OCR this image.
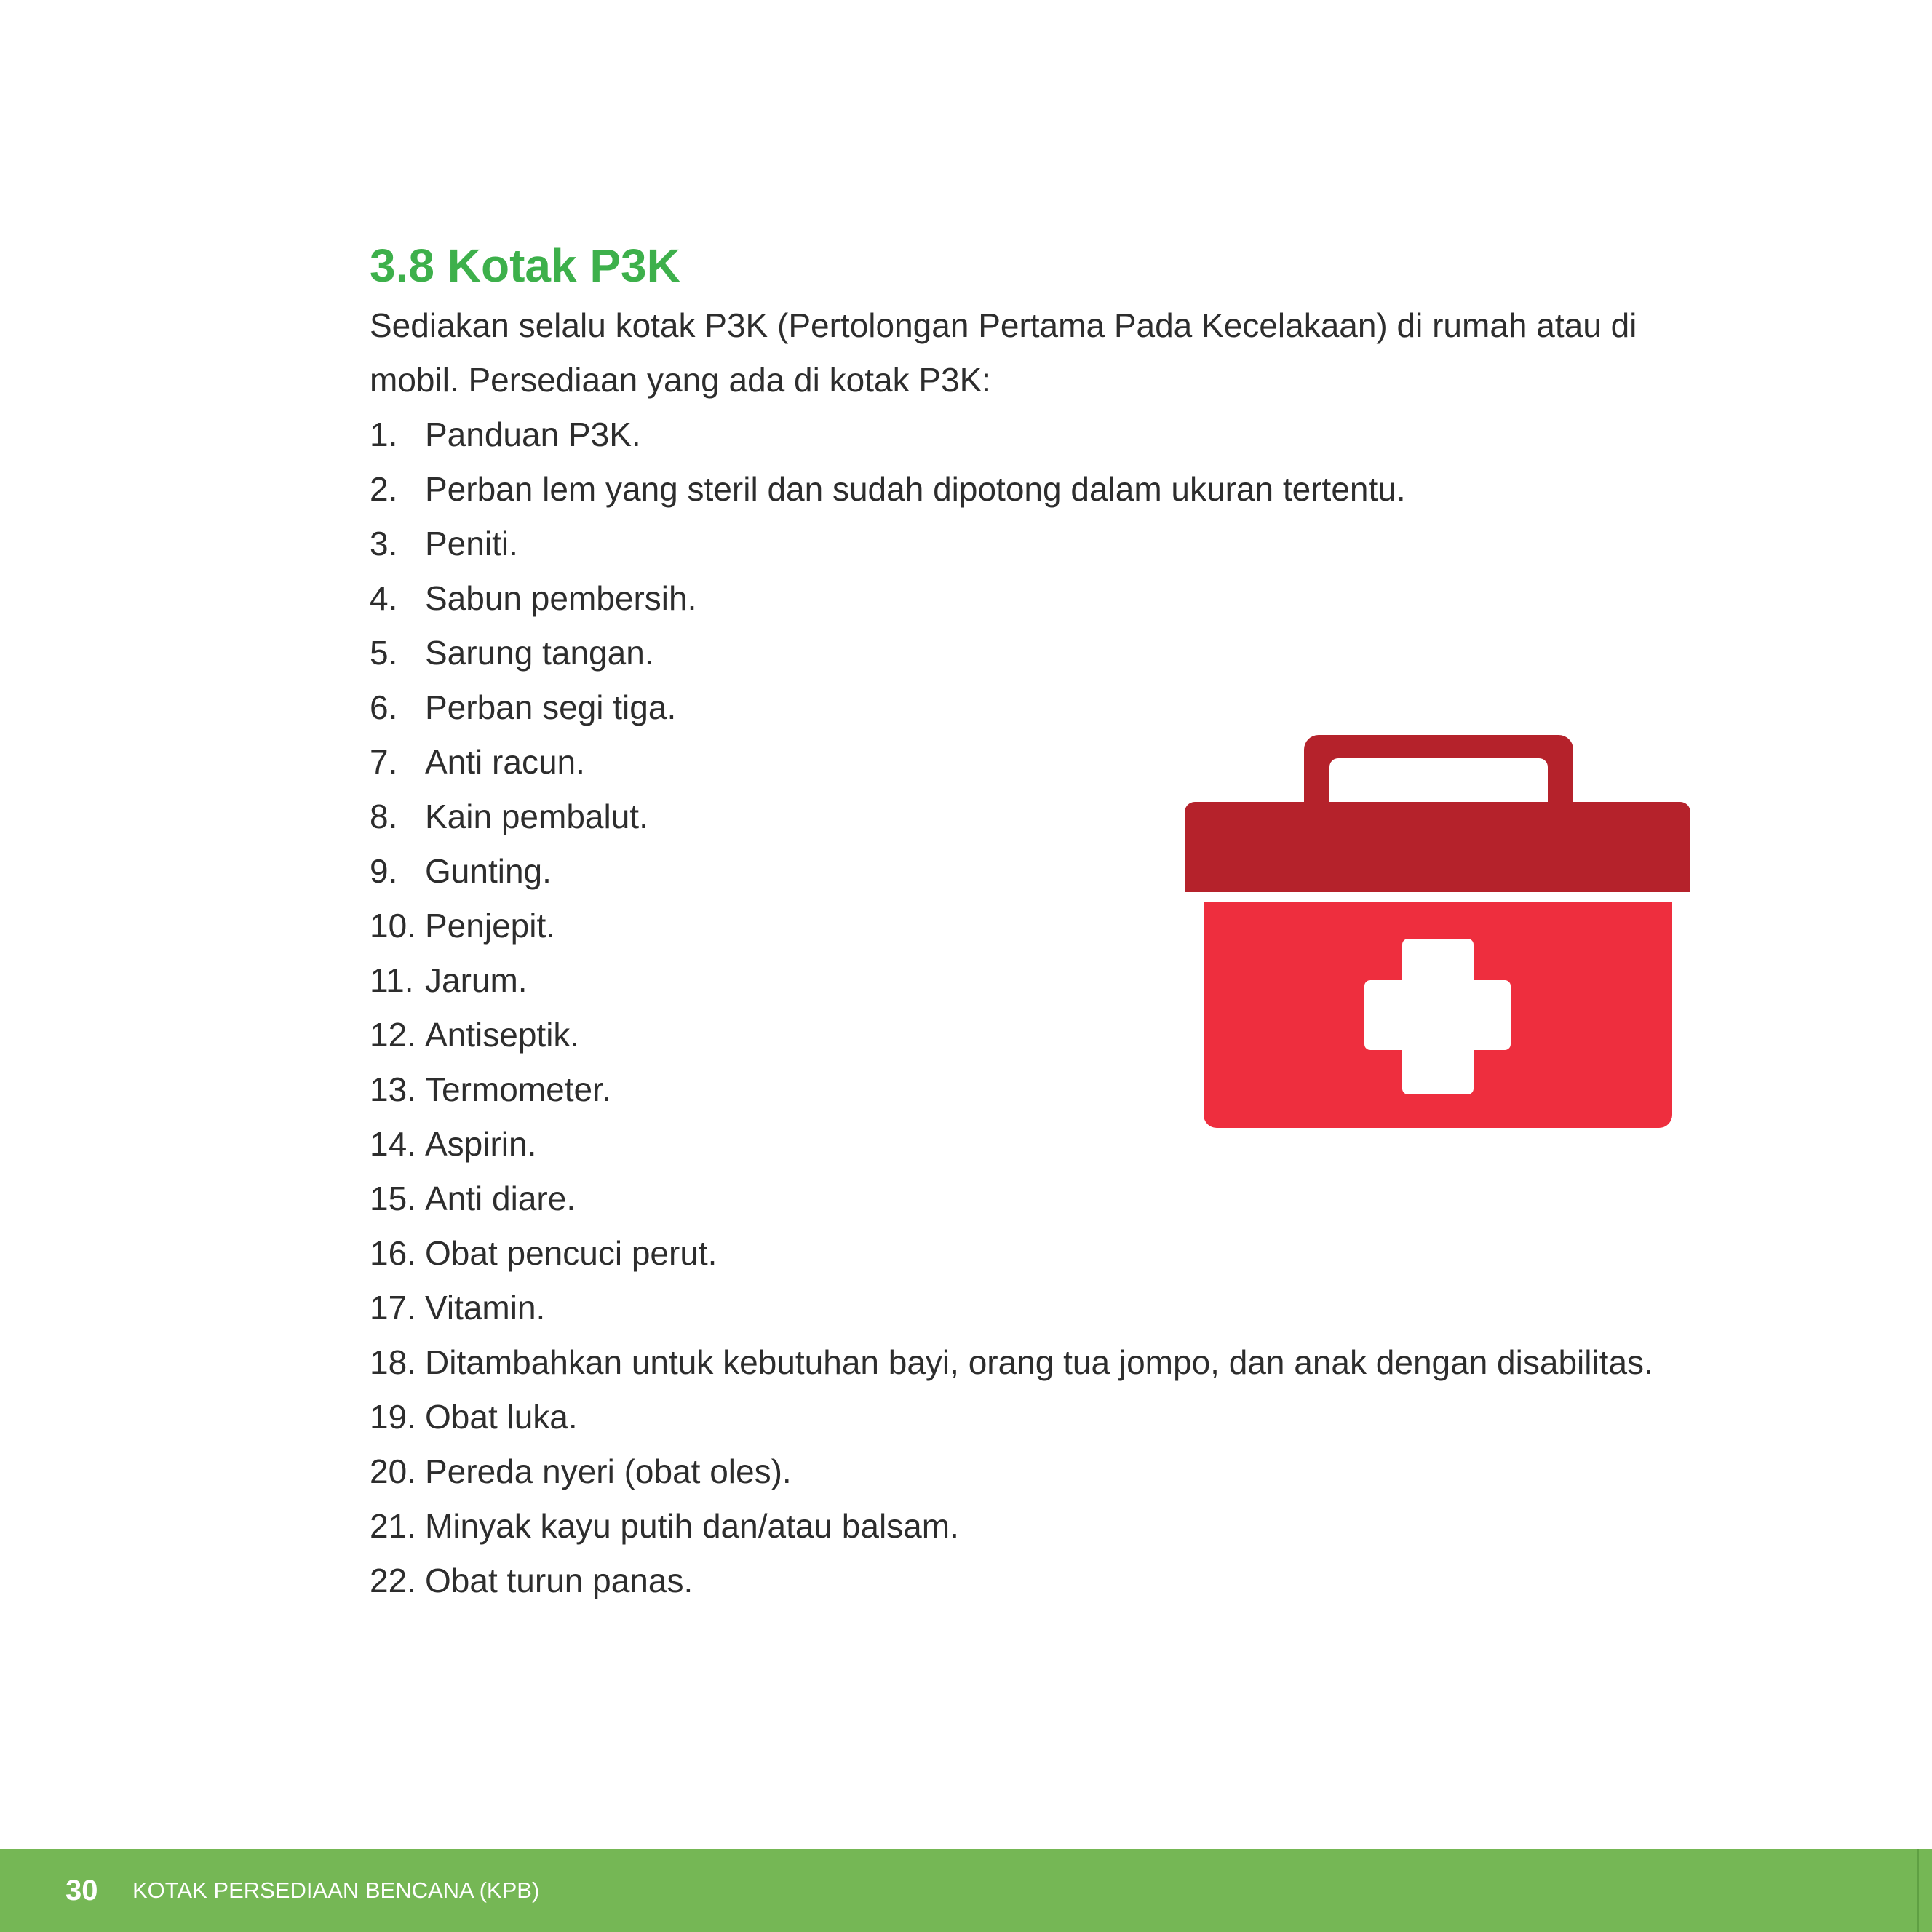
3.8 Kotak P3K

Sediakan selalu kotak P3K (Pertolongan Pertama Pada Kecelakaan) di rumah atau di mobil. Persediaan yang ada di kotak P3K:

1. Panduan P3K.
2. Perban lem yang steril dan sudah dipotong dalam ukuran tertentu.
3. Peniti.
4. Sabun pembersih.
5. Sarung tangan.
6. Perban segi tiga.
7. Anti racun.
8. Kain pembalut.
9. Gunting.
10. Penjepit.
11. Jarum.
12. Antiseptik.
13. Termometer.
14. Aspirin.
15. Anti diare.
16. Obat pencuci perut.
17. Vitamin.
18. Ditambahkan untuk kebutuhan bayi, orang tua jompo, dan anak dengan disabilitas.
19. Obat luka.
20. Pereda nyeri (obat oles).
21. Minyak kayu putih dan/atau balsam.
22. Obat turun panas.
30 KOTAK PERSEDIAAN BENCANA (KPB)
